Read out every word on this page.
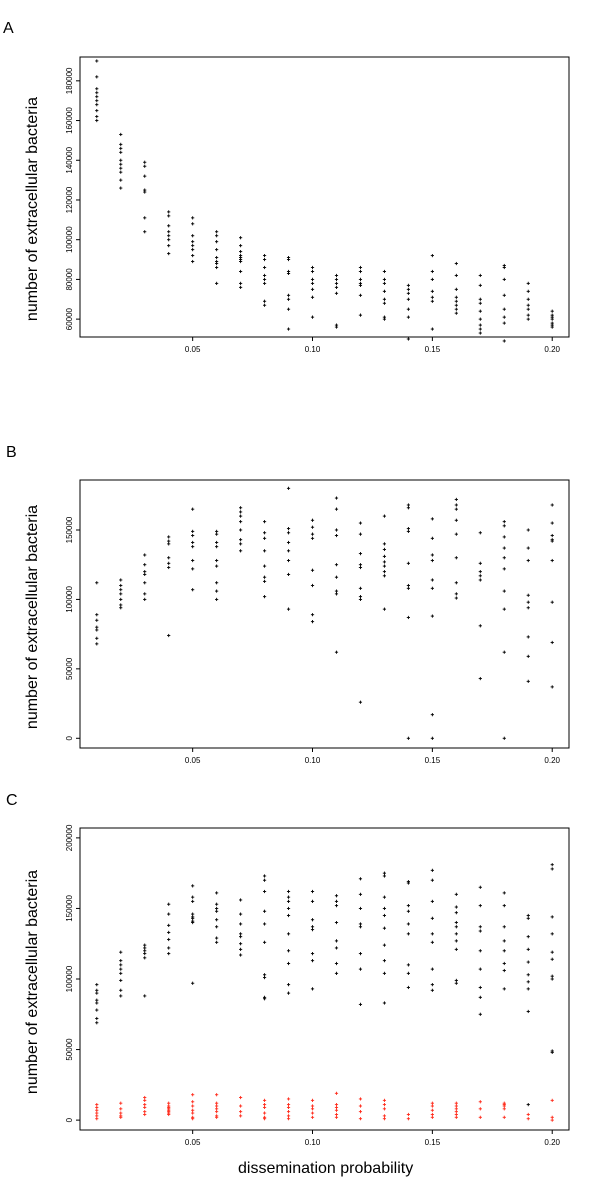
A
B
C
number of extracellular bacteria
number of extracellular bacteria
number of extracellular bacteria
dissemination probability
0.05	0.10	0.15	0.20
60000
80000
100000
120000
140000
160000
180000
0.05	0.10	0.15	0.20
0
50000
100000
150000
0.05	0.10	0.15	0.20
0
50000
100000
150000
200000
